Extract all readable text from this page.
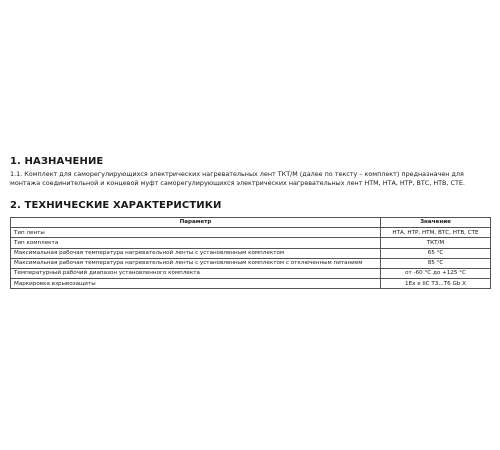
1. НАЗНАЧЕНИЕ
1.1. Комплект для саморегулирующихся электрических нагревательных лент ТКТ/М (далее по тексту – комплект) предназначен для
монтажа соединительной и концевой муфт саморегулирующихся электрических нагревательных лент НТМ, НТА, НТР, ВТС, НТВ, СТЕ.
2. ТЕХНИЧЕСКИЕ ХАРАКТЕРИСТИКИ
Параметр	Значение
Тип ленты	НТА, НТР, НТМ, ВТС, НТВ, СТЕ
Тип комплекта	ТКТ/М
Максимальная рабочая температура нагревательной ленты с установленным комплектом	65 °С
Максимальная рабочая температура нагревательной ленты с установленным комплектом с отключенным питанием	85 °С
Температурный рабочий диапазон установленного комплекта	от -60 °С до +125 °С
Маркировка взрывозащиты	1Ex e IIC T3...T6 Gb X
